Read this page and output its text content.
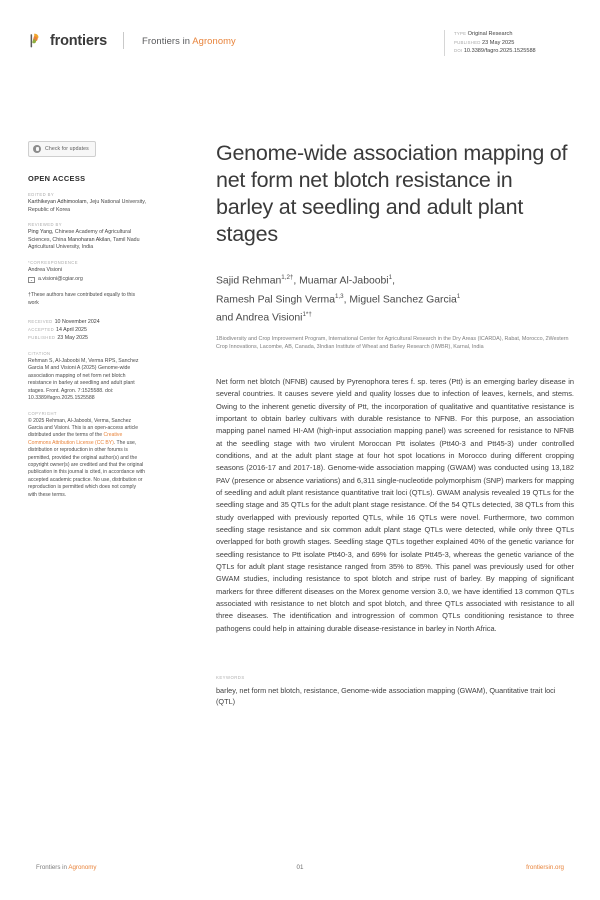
frontiers	Frontiers in Agronomy
TYPE Original Research
PUBLISHED 23 May 2025
DOI 10.3389/fagro.2025.1525588
Check for updates
OPEN ACCESS
EDITED BY
Karthikeyan Adhimoolam, Jeju National University, Republic of Korea
REVIEWED BY
Ping Yang, Chinese Academy of Agricultural Sciences, China Manoharan Akilan, Tamil Nadu Agricultural University, India
*CORRESPONDENCE
Andrea Visioni
a.visioni@cgiar.org
†These authors have contributed equally to this work
RECEIVED 10 November 2024
ACCEPTED 14 April 2025
PUBLISHED 23 May 2025
CITATION
Rehman S, Al-Jaboobi M, Verma RPS, Sanchez Garcia M and Visioni A (2025) Genome-wide association mapping of net form net blotch resistance in barley at seedling and adult plant stages. Front. Agron. 7:1525588. doi: 10.3389/fagro.2025.1525588
COPYRIGHT
© 2025 Rehman, Al-Jaboobi, Verma, Sanchez Garcia and Visioni. This is an open-access article distributed under the terms of the Creative Commons Attribution License (CC BY). The use, distribution or reproduction in other forums is permitted, provided the original author(s) and the copyright owner(s) are credited and that the original publication in this journal is cited, in accordance with accepted academic practice. No use, distribution or reproduction is permitted which does not comply with these terms.
Genome-wide association mapping of net form net blotch resistance in barley at seedling and adult plant stages
Sajid Rehman$^{1,2\dagger}$, Muamar Al-Jaboobi$^1$,
Ramesh Pal Singh Verma$^{1,3}$, Miguel Sanchez Garcia$^1$
and Andrea Visioni$^{1*\dagger}$
1Biodiversity and Crop Improvement Program, International Center for Agricultural Research in the Dry Areas (ICARDA), Rabat, Morocco, 2Western Crop Innovations, Lacombe, AB, Canada, 3Indian Institute of Wheat and Barley Research (IIWBR), Karnal, India
Net form net blotch (NFNB) caused by Pyrenophora teres f. sp. teres (Ptt) is an emerging barley disease in several countries. It causes severe yield and quality losses due to infection of leaves, kernels, and stems. Owing to the inherent genetic diversity of Ptt, the incorporation of qualitative and quantitative resistance is important to obtain barley cultivars with durable resistance to NFNB. For this purpose, an association mapping panel named HI-AM (high-input association mapping panel) was screened for resistance to NFNB at the seedling stage with two virulent Moroccan Ptt isolates (Ptt40-3 and Ptt45-3) under controlled conditions, and at the adult plant stage at four hot spot locations in Morocco during different cropping seasons (2016-17 and 2017-18). Genome-wide association mapping (GWAM) was conducted using 13,182 PAV (presence or absence variations) and 6,311 single-nucleotide polymorphism (SNP) markers for mapping of seedling and adult plant resistance quantitative trait loci (QTLs). GWAM analysis revealed 19 QTLs for the seedling stage and 35 QTLs for the adult plant stage resistance. Of the 54 QTLs detected, 38 QTLs from this study overlapped with previously reported QTLs, while 16 QTLs were novel. Furthermore, two common seedling stage resistance and six common adult plant stage QTLs were detected, while only three QTLs overlapped for both growth stages. Seedling stage QTLs together explained 40% of the genetic variance for seedling resistance to Ptt isolate Ptt40-3, and 69% for isolate Ptt45-3, whereas the genetic variance of the QTLs for adult plant stage resistance ranged from 35% to 85%. This panel was previously used for other GWAM studies, including resistance to spot blotch and stripe rust of barley. By mapping of significant markers for three different diseases on the Morex genome version 3.0, we have identified 13 common QTLs associated with resistance to net blotch and spot blotch, and three QTLs associated with resistance to all three diseases. The identification and introgression of common QTLs conditioning resistance to three pathogens could help in attaining durable disease-resistance in barley in North Africa.
KEYWORDS
barley, net form net blotch, resistance, Genome-wide association mapping (GWAM), Quantitative trait loci (QTL)
Frontiers in Agronomy	01	frontiersin.org
